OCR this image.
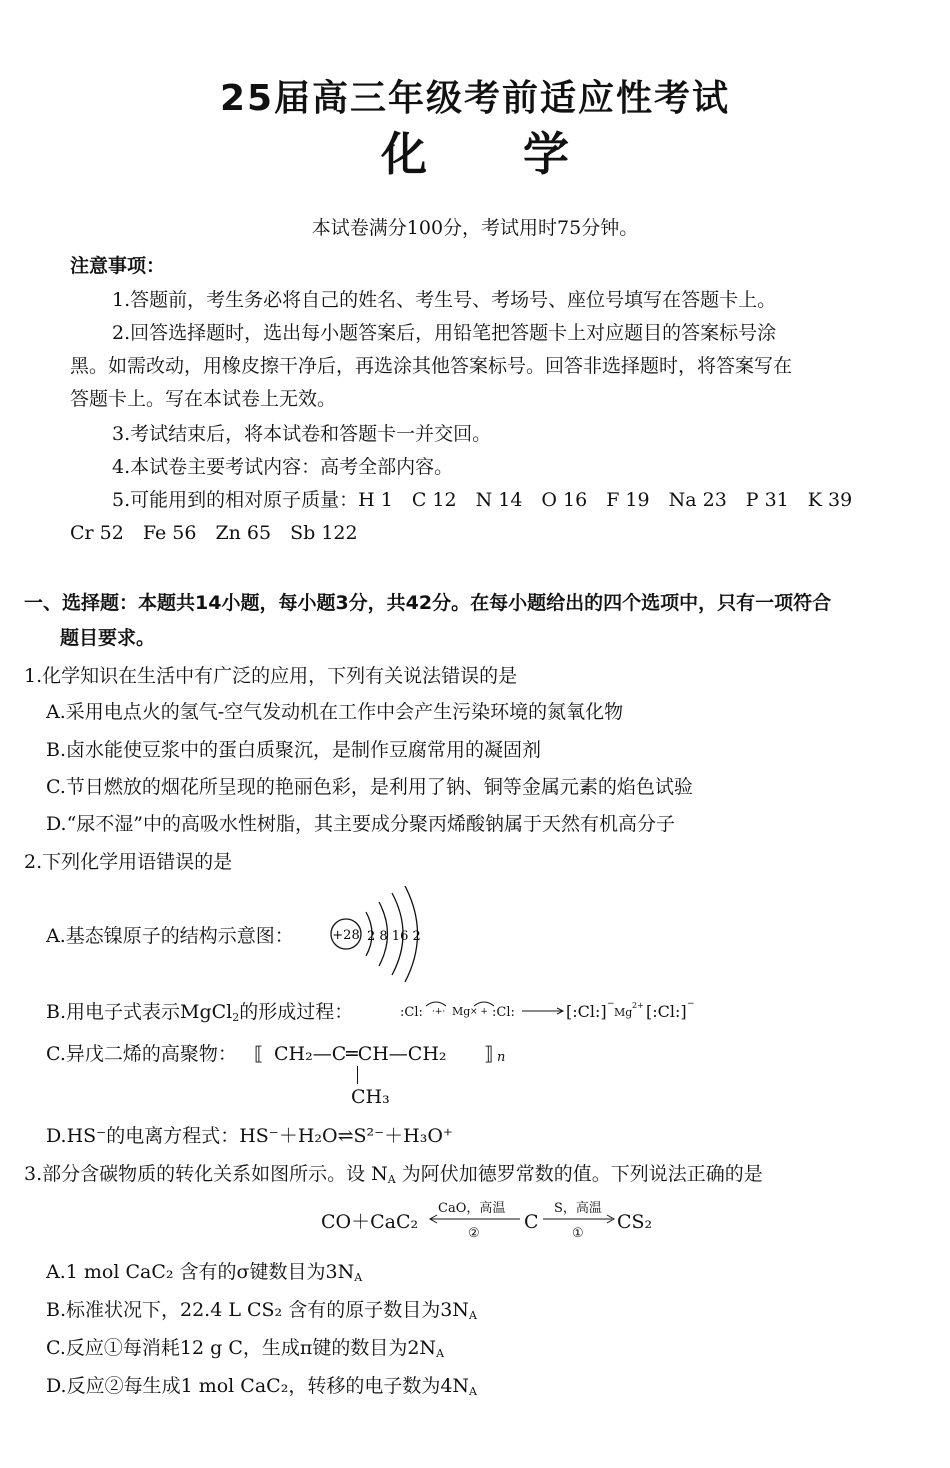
25届高三年级考前适应性考试
化 学
本试卷满分100分，考试用时75分钟。
注意事项：
1.答题前，考生务必将自己的姓名、考生号、考场号、座位号填写在答题卡上。
2.回答选择题时，选出每小题答案后，用铅笔把答题卡上对应题目的答案标号涂
黑。如需改动，用橡皮擦干净后，再选涂其他答案标号。回答非选择题时，将答案写在
答题卡上。写在本试卷上无效。
3.考试结束后，将本试卷和答题卡一并交回。
4.本试卷主要考试内容：高考全部内容。
5.可能用到的相对原子质量：H 1　C 12　N 14　O 16　F 19　Na 23　P 31　K 39
Cr 52　Fe 56　Zn 65　Sb 122
一、选择题：本题共14小题，每小题3分，共42分。在每小题给出的四个选项中，只有一项符合
题目要求。
1.化学知识在生活中有广泛的应用，下列有关说法错误的是
A.采用电点火的氢气-空气发动机在工作中会产生污染环境的氮氧化物
B.卤水能使豆浆中的蛋白质聚沉，是制作豆腐常用的凝固剂
C.节日燃放的烟花所呈现的艳丽色彩，是利用了钠、铜等金属元素的焰色试验
D.“尿不湿”中的高吸水性树脂，其主要成分聚丙烯酸钠属于天然有机高分子
2.下列化学用语错误的是
A.基态镍原子的结构示意图：	+28 2 8 16 2
B.用电子式表示MgCl$_2$的形成过程：	:Cl: ·+· Mg × + :Cl:	[:Cl:] −
Mg
2+ [:Cl:] −
C.异戊二烯的高聚物： ⟦ CH₂—C═CH—CH₂ ⟧ n
CH₃
D.HS⁻的电离方程式：HS⁻＋H₂O⇌S²⁻＋H₃O⁺
3.部分含碳物质的转化关系如图所示。设 $N_A$ 为阿伏加德罗常数的值。下列说法正确的是
CO＋CaC₂
CaO，高温
②
C
S，高温
①
CS₂
A.1 mol CaC₂ 含有的σ键数目为$3N_A$
B.标准状况下，22.4 L CS₂ 含有的原子数目为$3N_A$
C.反应①每消耗12 g C，生成π键的数目为$2N_A$
D.反应②每生成1 mol CaC₂，转移的电子数为$4N_A$
